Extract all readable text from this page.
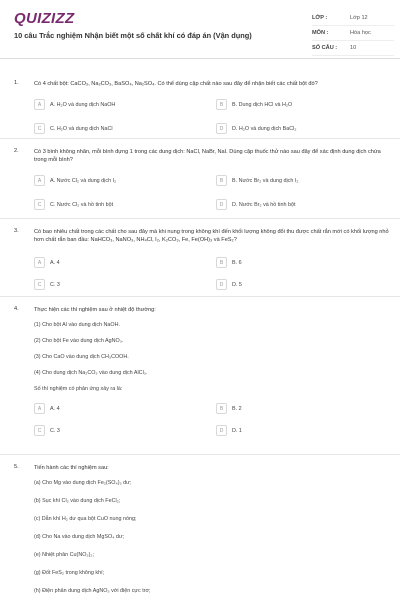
QUIZIZZ
10 câu Trắc nghiệm Nhận biết một số chất khí có đáp án (Vận dụng)
LỚP :	Lớp 12
MÔN :	Hóa học
SỐ CÂU :	10
1.	Có 4 chất bột: CaCO₃, Na₂CO₃, BaSO₄, Na₂SO₄. Có thể dùng cặp chất nào sau đây để nhận biết các chất bột đó?
A	A. H₂O và dung dịch NaOH	B	B. Dung dịch HCl và H₂O
C	C. H₂O và dung dịch NaCl	D	D. H₂O và dung dịch BaCl₂
2.	Có 3 bình không nhãn, mỗi bình đựng 1 trong các dung dịch: NaCl, NaBr, NaI. Dùng cặp thuốc thử nào sau đây để xác định dung dịch chứa trong mỗi bình?
A	A. Nước Cl₂ và dung dịch I₂	B	B. Nước Br₂ và dung dịch I₂
C	C. Nước Cl₂ và hồ tinh bột	D	D. Nước Br₂ và hồ tinh bột
3.	Có bao nhiêu chất trong các chất cho sau đây mà khi nung trong không khí đến khối lượng không đổi thu được chất rắn mới có khối lượng nhỏ hơn chất rắn ban đầu: NaHCO₃, NaNO₃, NH₄Cl, I₂, K₂CO₃, Fe, Fe(OH)₃ và FeS₂?
A	A. 4	B	B. 6
C	C. 3	D	D. 5
4.	Thực hiện các thí nghiệm sau ở nhiệt độ thường:
(1) Cho bột Al vào dung dịch NaOH.
(2) Cho bột Fe vào dung dịch AgNO₃.
(3) Cho CaO vào dung dịch CH₃COOH.
(4) Cho dung dịch Na₂CO₃ vào dung dịch AlCl₃.
Số thí nghiệm có phản ứng xảy ra là:
A	A. 4	B	B. 2
C	C. 3	D	D. 1
5.	Tiến hành các thí nghiệm sau:
(a) Cho Mg vào dung dịch Fe₂(SO₄)₃ dư;
(b) Sục khí Cl₂ vào dung dịch FeCl₂;
(c) Dẫn khí H₂ dư qua bột CuO nung nóng;
(d) Cho Na vào dung dịch MgSO₄ dư;
(e) Nhiệt phân Cu(NO₃)₂;
(g) Đốt FeS₂ trong không khí;
(h) Điện phân dung dịch AgNO₃ với điện cực trơ;
